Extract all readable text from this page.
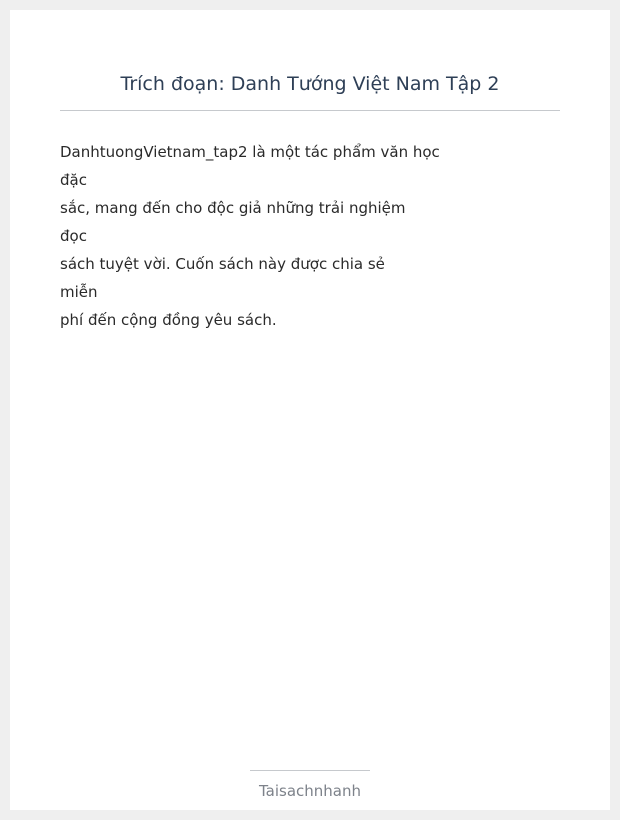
Trích đoạn: Danh Tướng Việt Nam Tập 2
DanhtuongVietnam_tap2 là một tác phẩm văn học
đặc
sắc, mang đến cho độc giả những trải nghiệm
đọc
sách tuyệt vời. Cuốn sách này được chia sẻ
miễn
phí đến cộng đồng yêu sách.
Taisachnhanh
